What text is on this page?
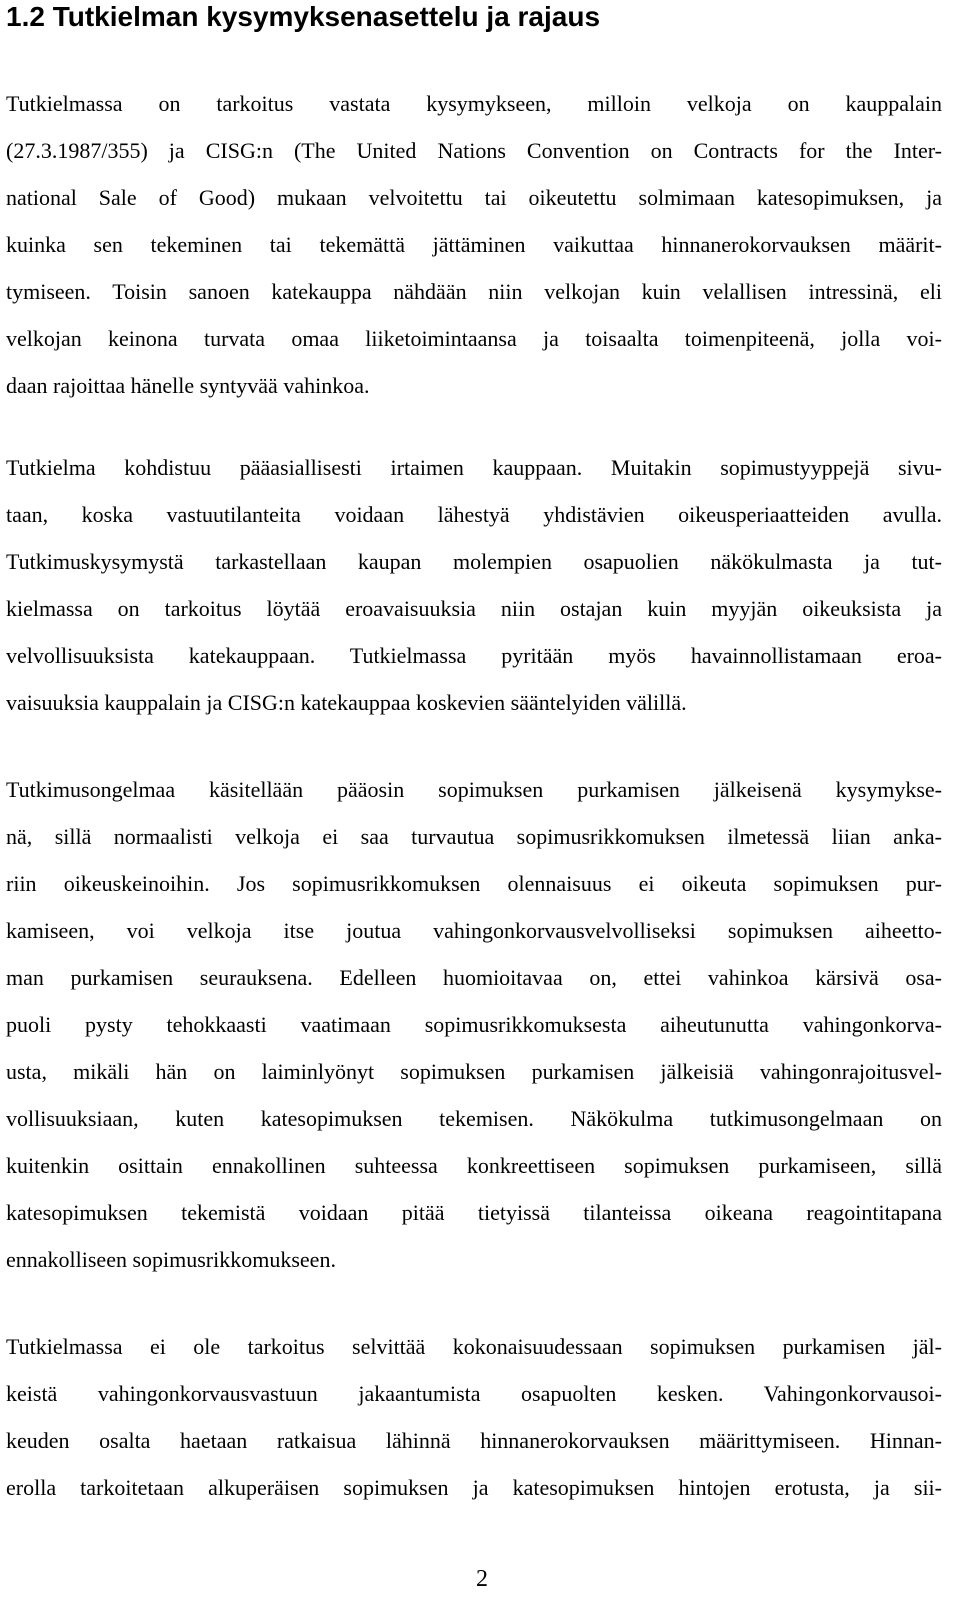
1.2 Tutkielman kysymyksenasettelu ja rajaus

Tutkielmassa on tarkoitus vastata kysymykseen, milloin velkoja on kauppalain
(27.3.1987/355) ja CISG:n (The United Nations Convention on Contracts for the Inter-
national Sale of Good) mukaan velvoitettu tai oikeutettu solmimaan katesopimuksen, ja
kuinka sen tekeminen tai tekemättä jättäminen vaikuttaa hinnanerokorvauksen määrit-
tymiseen. Toisin sanoen katekauppa nähdään niin velkojan kuin velallisen intressinä, eli
velkojan keinona turvata omaa liiketoimintaansa ja toisaalta toimenpiteenä, jolla voi-
daan rajoittaa hänelle syntyvää vahinkoa.

Tutkielma kohdistuu pääasiallisesti irtaimen kauppaan. Muitakin sopimustyyppejä sivu-
taan, koska vastuutilanteita voidaan lähestyä yhdistävien oikeusperiaatteiden avulla.
Tutkimuskysymystä tarkastellaan kaupan molempien osapuolien näkökulmasta ja tut-
kielmassa on tarkoitus löytää eroavaisuuksia niin ostajan kuin myyjän oikeuksista ja
velvollisuuksista katekauppaan. Tutkielmassa pyritään myös havainnollistamaan eroa-
vaisuuksia kauppalain ja CISG:n katekauppaa koskevien sääntelyiden välillä.

Tutkimusongelmaa käsitellään pääosin sopimuksen purkamisen jälkeisenä kysymykse-
nä, sillä normaalisti velkoja ei saa turvautua sopimusrikkomuksen ilmetessä liian anka-
riin oikeuskeinoihin. Jos sopimusrikkomuksen olennaisuus ei oikeuta sopimuksen pur-
kamiseen, voi velkoja itse joutua vahingonkorvausvelvolliseksi sopimuksen aiheetto-
man purkamisen seurauksena. Edelleen huomioitavaa on, ettei vahinkoa kärsivä osa-
puoli pysty tehokkaasti vaatimaan sopimusrikkomuksesta aiheutunutta vahingonkorva-
usta, mikäli hän on laiminlyönyt sopimuksen purkamisen jälkeisiä vahingonrajoitusvel-
vollisuuksiaan, kuten katesopimuksen tekemisen. Näkökulma tutkimusongelmaan on
kuitenkin osittain ennakollinen suhteessa konkreettiseen sopimuksen purkamiseen, sillä
katesopimuksen tekemistä voidaan pitää tietyissä tilanteissa oikeana reagointitapana
ennakolliseen sopimusrikkomukseen.

Tutkielmassa ei ole tarkoitus selvittää kokonaisuudessaan sopimuksen purkamisen jäl-
keistä vahingonkorvausvastuun jakaantumista osapuolten kesken. Vahingonkorvausoi-
keuden osalta haetaan ratkaisua lähinnä hinnanerokorvauksen määrittymiseen. Hinnan-
erolla tarkoitetaan alkuperäisen sopimuksen ja katesopimuksen hintojen erotusta, ja sii-

2
